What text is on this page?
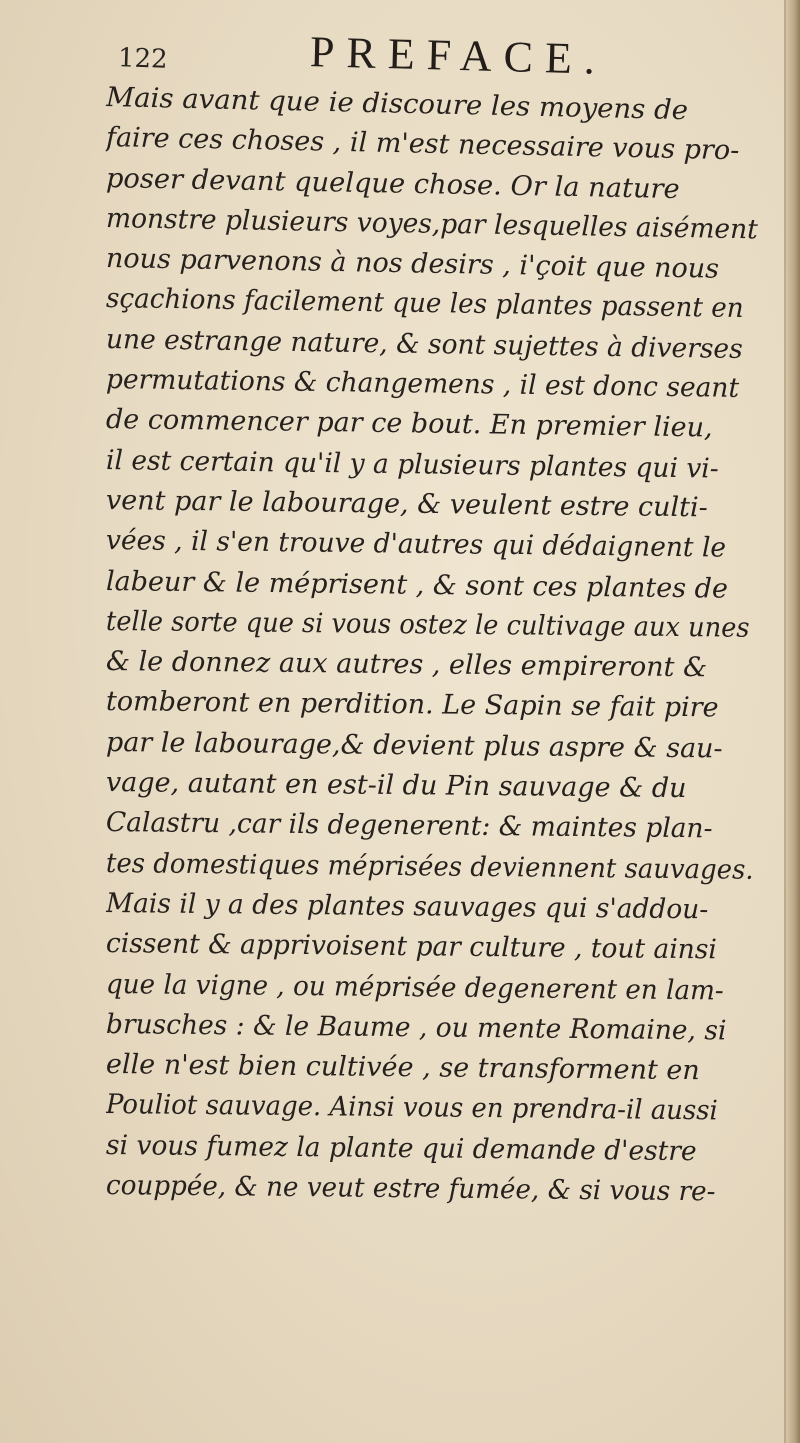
122	PREFACE.
Mais avant que ie discoure les moyens de
faire ces choses , il m'est necessaire vous pro-
poser devant quelque chose. Or la nature
monstre plusieurs voyes,par lesquelles aisément
nous parvenons à nos desirs , i'çoit que nous
sçachions facilement que les plantes passent en
une estrange nature, & sont sujettes à diverses
permutations & changemens , il est donc seant
de commencer par ce bout. En premier lieu,
il est certain qu'il y a plusieurs plantes qui vi-
vent par le labourage, & veulent estre culti-
vées , il s'en trouve d'autres qui dédaignent le
labeur & le méprisent , & sont ces plantes de
telle sorte que si vous ostez le cultivage aux unes
& le donnez aux autres , elles empireront &
tomberont en perdition. Le Sapin se fait pire
par le labourage,& devient plus aspre & sau-
vage, autant en est-il du Pin sauvage & du
Calastru ,car ils degenerent: & maintes plan-
tes domestiques méprisées deviennent sauvages.
Mais il y a des plantes sauvages qui s'addou-
cissent & apprivoisent par culture , tout ainsi
que la vigne , ou méprisée degenerent en lam-
brusches : & le Baume , ou mente Romaine, si
elle n'est bien cultivée , se transforment en
Pouliot sauvage. Ainsi vous en prendra-il aussi
si vous fumez la plante qui demande d'estre
couppée, & ne veut estre fumée, & si vous re-
